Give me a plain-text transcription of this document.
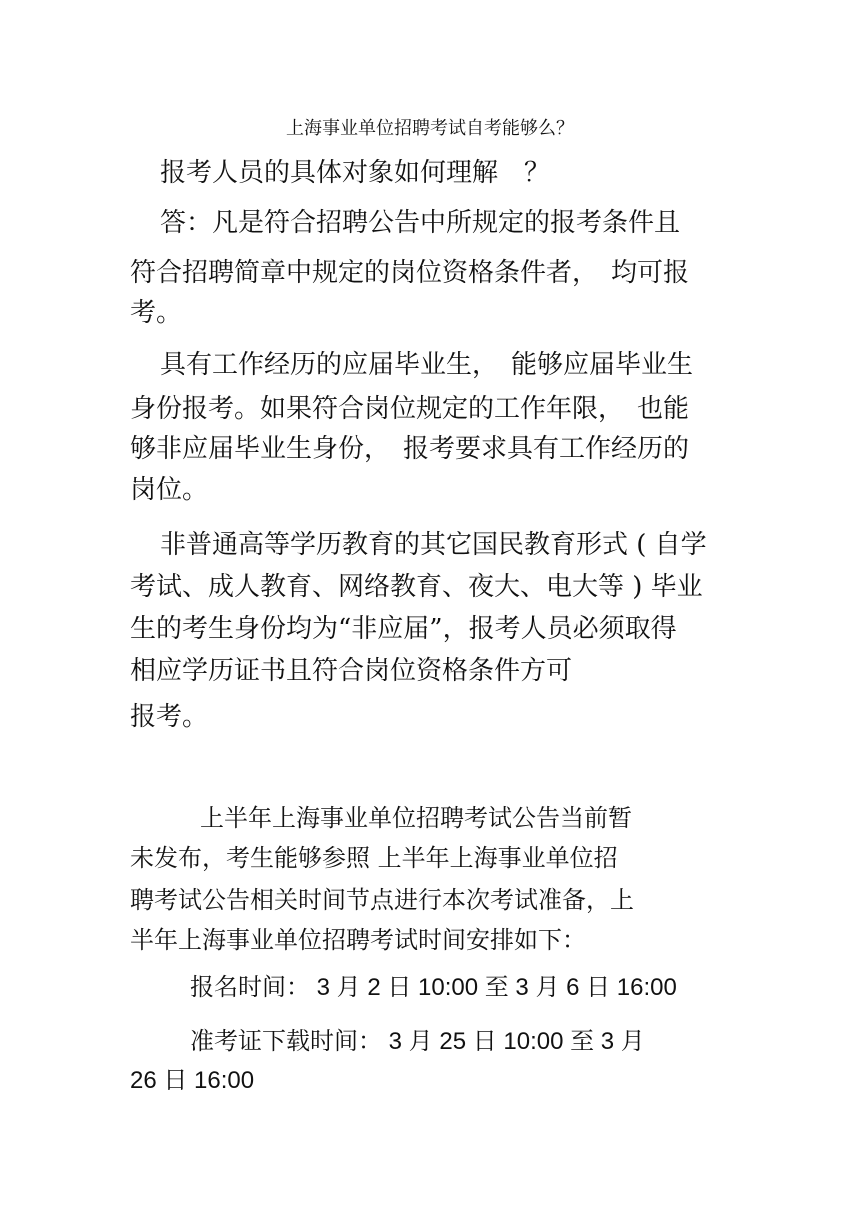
上海事业单位招聘考试自考能够么？
报考人员的具体对象如何理解　？
答：凡是符合招聘公告中所规定的报考条件且
符合招聘简章中规定的岗位资格条件者，　均可报
考。
具有工作经历的应届毕业生，　能够应届毕业生
身份报考。如果符合岗位规定的工作年限，　也能
够非应届毕业生身份，　报考要求具有工作经历的
岗位。
非普通高等学历教育的其它国民教育形式 ( 自学
考试、成人教育、网络教育、夜大、电大等 ) 毕业
生的考生身份均为“非应届”，报考人员必须取得
相应学历证书且符合岗位资格条件方可
报考。
上半年上海事业单位招聘考试公告当前暂
未发布，考生能够参照 上半年上海事业单位招
聘考试公告相关时间节点进行本次考试准备，上
半年上海事业单位招聘考试时间安排如下：
报名时间： 3 月 2 日 10:00 至 3 月 6 日 16:00
准考证下载时间： 3 月 25 日 10:00 至 3 月
26 日 16:00
